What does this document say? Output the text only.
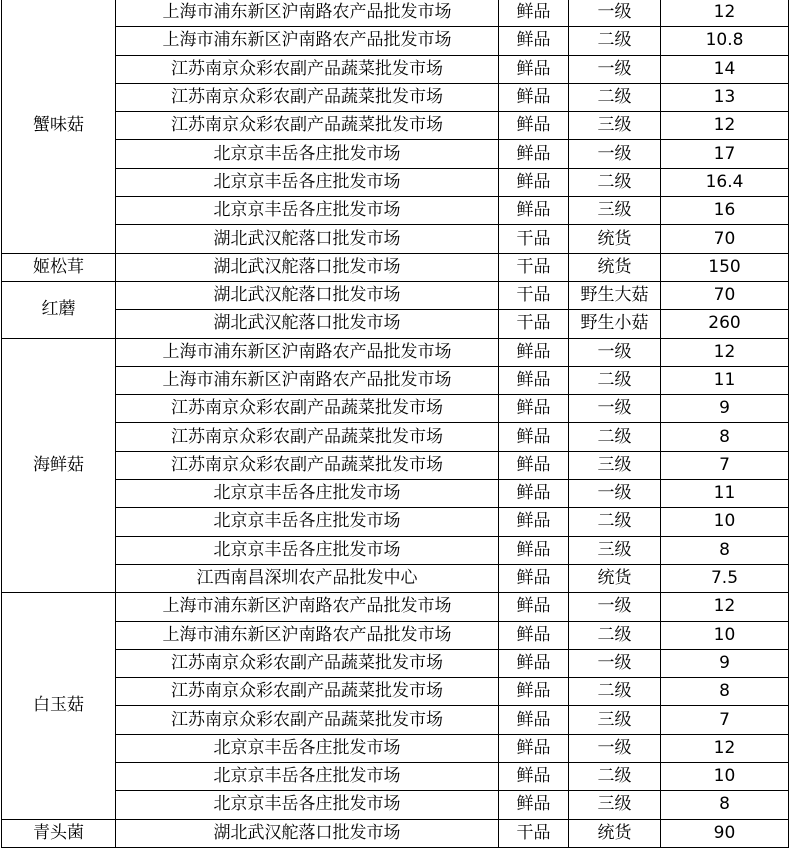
蟹味菇	上海市浦东新区沪南路农产品批发市场	鲜品	一级	12
	上海市浦东新区沪南路农产品批发市场	鲜品	二级	10.8
	江苏南京众彩农副产品蔬菜批发市场	鲜品	一级	14
	江苏南京众彩农副产品蔬菜批发市场	鲜品	二级	13
	江苏南京众彩农副产品蔬菜批发市场	鲜品	三级	12
	北京京丰岳各庄批发市场	鲜品	一级	17
	北京京丰岳各庄批发市场	鲜品	二级	16.4
	北京京丰岳各庄批发市场	鲜品	三级	16
	湖北武汉舵落口批发市场	干品	统货	70
姬松茸	湖北武汉舵落口批发市场	干品	统货	150
红蘑	湖北武汉舵落口批发市场	干品	野生大菇	70
	湖北武汉舵落口批发市场	干品	野生小菇	260
海鲜菇	上海市浦东新区沪南路农产品批发市场	鲜品	一级	12
	上海市浦东新区沪南路农产品批发市场	鲜品	二级	11
	江苏南京众彩农副产品蔬菜批发市场	鲜品	一级	9
	江苏南京众彩农副产品蔬菜批发市场	鲜品	二级	8
	江苏南京众彩农副产品蔬菜批发市场	鲜品	三级	7
	北京京丰岳各庄批发市场	鲜品	一级	11
	北京京丰岳各庄批发市场	鲜品	二级	10
	北京京丰岳各庄批发市场	鲜品	三级	8
	江西南昌深圳农产品批发中心	鲜品	统货	7.5
白玉菇	上海市浦东新区沪南路农产品批发市场	鲜品	一级	12
	上海市浦东新区沪南路农产品批发市场	鲜品	二级	10
	江苏南京众彩农副产品蔬菜批发市场	鲜品	一级	9
	江苏南京众彩农副产品蔬菜批发市场	鲜品	二级	8
	江苏南京众彩农副产品蔬菜批发市场	鲜品	三级	7
	北京京丰岳各庄批发市场	鲜品	一级	12
	北京京丰岳各庄批发市场	鲜品	二级	10
	北京京丰岳各庄批发市场	鲜品	三级	8
青头菌	湖北武汉舵落口批发市场	干品	统货	90
